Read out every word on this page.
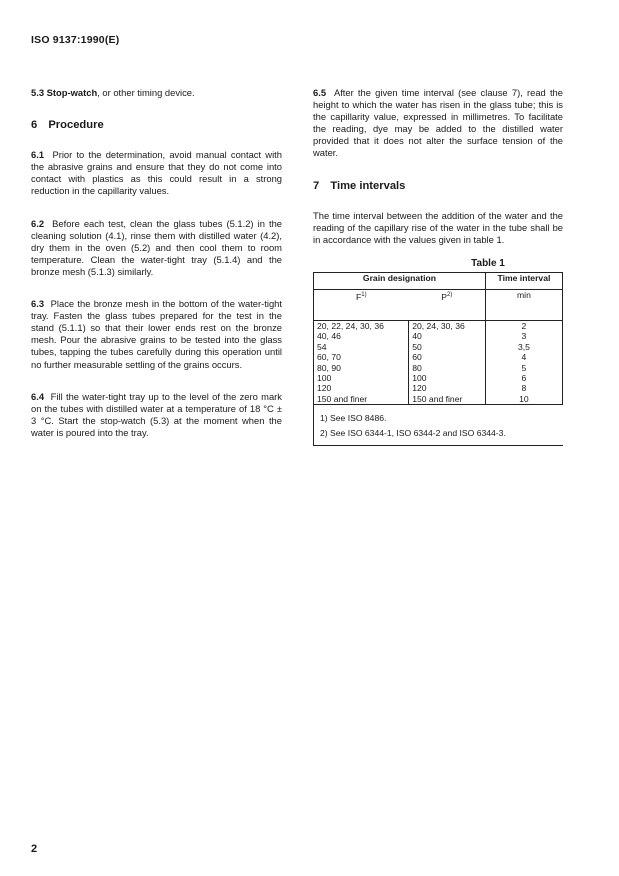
ISO 9137:1990(E)

5.3 Stop-watch, or other timing device.

6 Procedure

6.1 Prior to the determination, avoid manual contact with the abrasive grains and ensure that they do not come into contact with plastics as this could result in a strong reduction in the capillarity values.

6.2 Before each test, clean the glass tubes (5.1.2) in the cleaning solution (4.1), rinse them with distilled water (4.2), dry them in the oven (5.2) and then cool them to room temperature. Clean the water-tight tray (5.1.4) and the bronze mesh (5.1.3) similarly.

6.3 Place the bronze mesh in the bottom of the water-tight tray. Fasten the glass tubes prepared for the test in the stand (5.1.1) so that their lower ends rest on the bronze mesh. Pour the abrasive grains to be tested into the glass tubes, tapping the tubes carefully during this operation until no further measurable settling of the grains occurs.

6.4 Fill the water-tight tray up to the level of the zero mark on the tubes with distilled water at a temperature of 18 °C ± 3 °C. Start the stop-watch (5.3) at the moment when the water is poured into the tray.

6.5 After the given time interval (see clause 7), read the height to which the water has risen in the glass tube; this is the capillarity value, expressed in millimetres. To facilitate the reading, dye may be added to the distilled water provided that it does not alter the surface tension of the water.

7 Time intervals

The time interval between the addition of the water and the reading of the capillary rise of the water in the tube shall be in accordance with the values given in table 1.

Table 1
Grain designation		Time interval
$F^{1)}$	$P^{2)}$	min
20, 22, 24, 30, 36	20, 24, 30, 36	2
40, 46	40	3
54	50	3,5
60, 70	60	4
80, 90	80	5
100	100	6
120	120	8
150 and finer	150 and finer	10
1) See ISO 8486.
2) See ISO 6344-1, ISO 6344-2 and ISO 6344-3.
2
